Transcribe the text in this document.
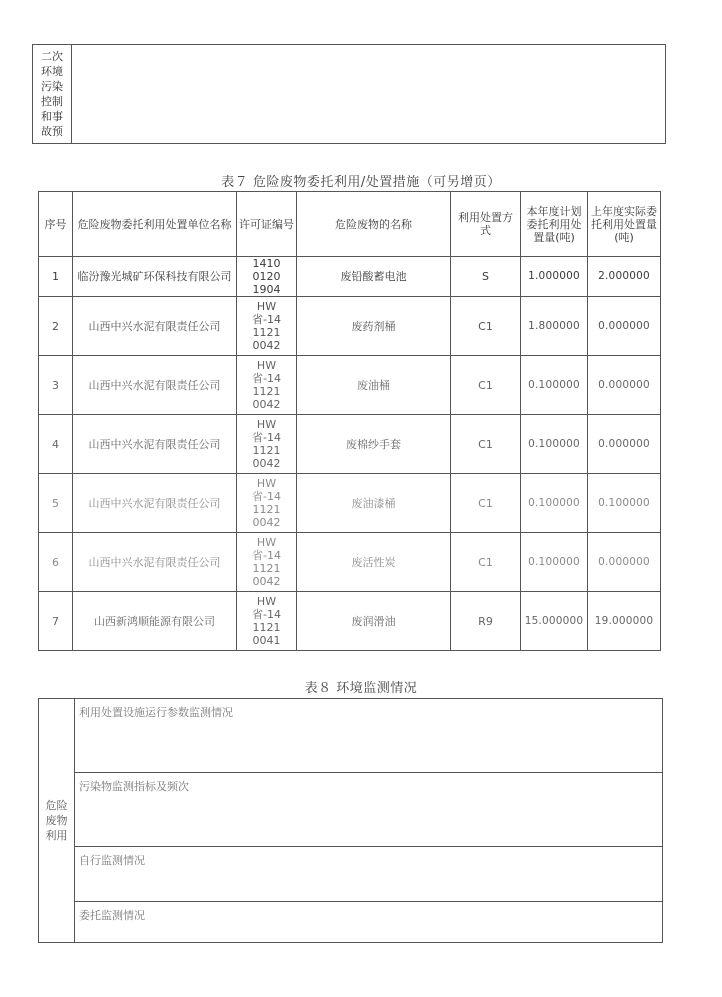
二次
环境
污染
控制
和事
故预

表７ 危险废物委托利用/处置措施（可另增页）
序号	危险废物委托利用处置单位名称	许可证编号	危险废物的名称	利用处置方式	本年度计划委托利用处置量(吨)	上年度实际委托利用处置量(吨)
1	临汾豫光城矿环保科技有限公司	141001201904	废铅酸蓄电池	S	1.000000	2.000000
2	山西中兴水泥有限责任公司	HW省-1411210042	废药剂桶	C1	1.800000	0.000000
3	山西中兴水泥有限责任公司	HW省-1411210042	废油桶	C1	0.100000	0.000000
4	山西中兴水泥有限责任公司	HW省-1411210042	废棉纱手套	C1	0.100000	0.000000
5	山西中兴水泥有限责任公司	HW省-1411210042	废油漆桶	C1	0.100000	0.100000
6	山西中兴水泥有限责任公司	HW省-1411210042	废活性炭	C1	0.100000	0.000000
7	山西新鸿顺能源有限公司	HW省-1411210041	废润滑油	R9	15.000000	19.000000
表８ 环境监测情况
危险
废物
利用
	利用处置设施运行参数监测情况
污染物监测指标及频次
自行监测情况
委托监测情况
